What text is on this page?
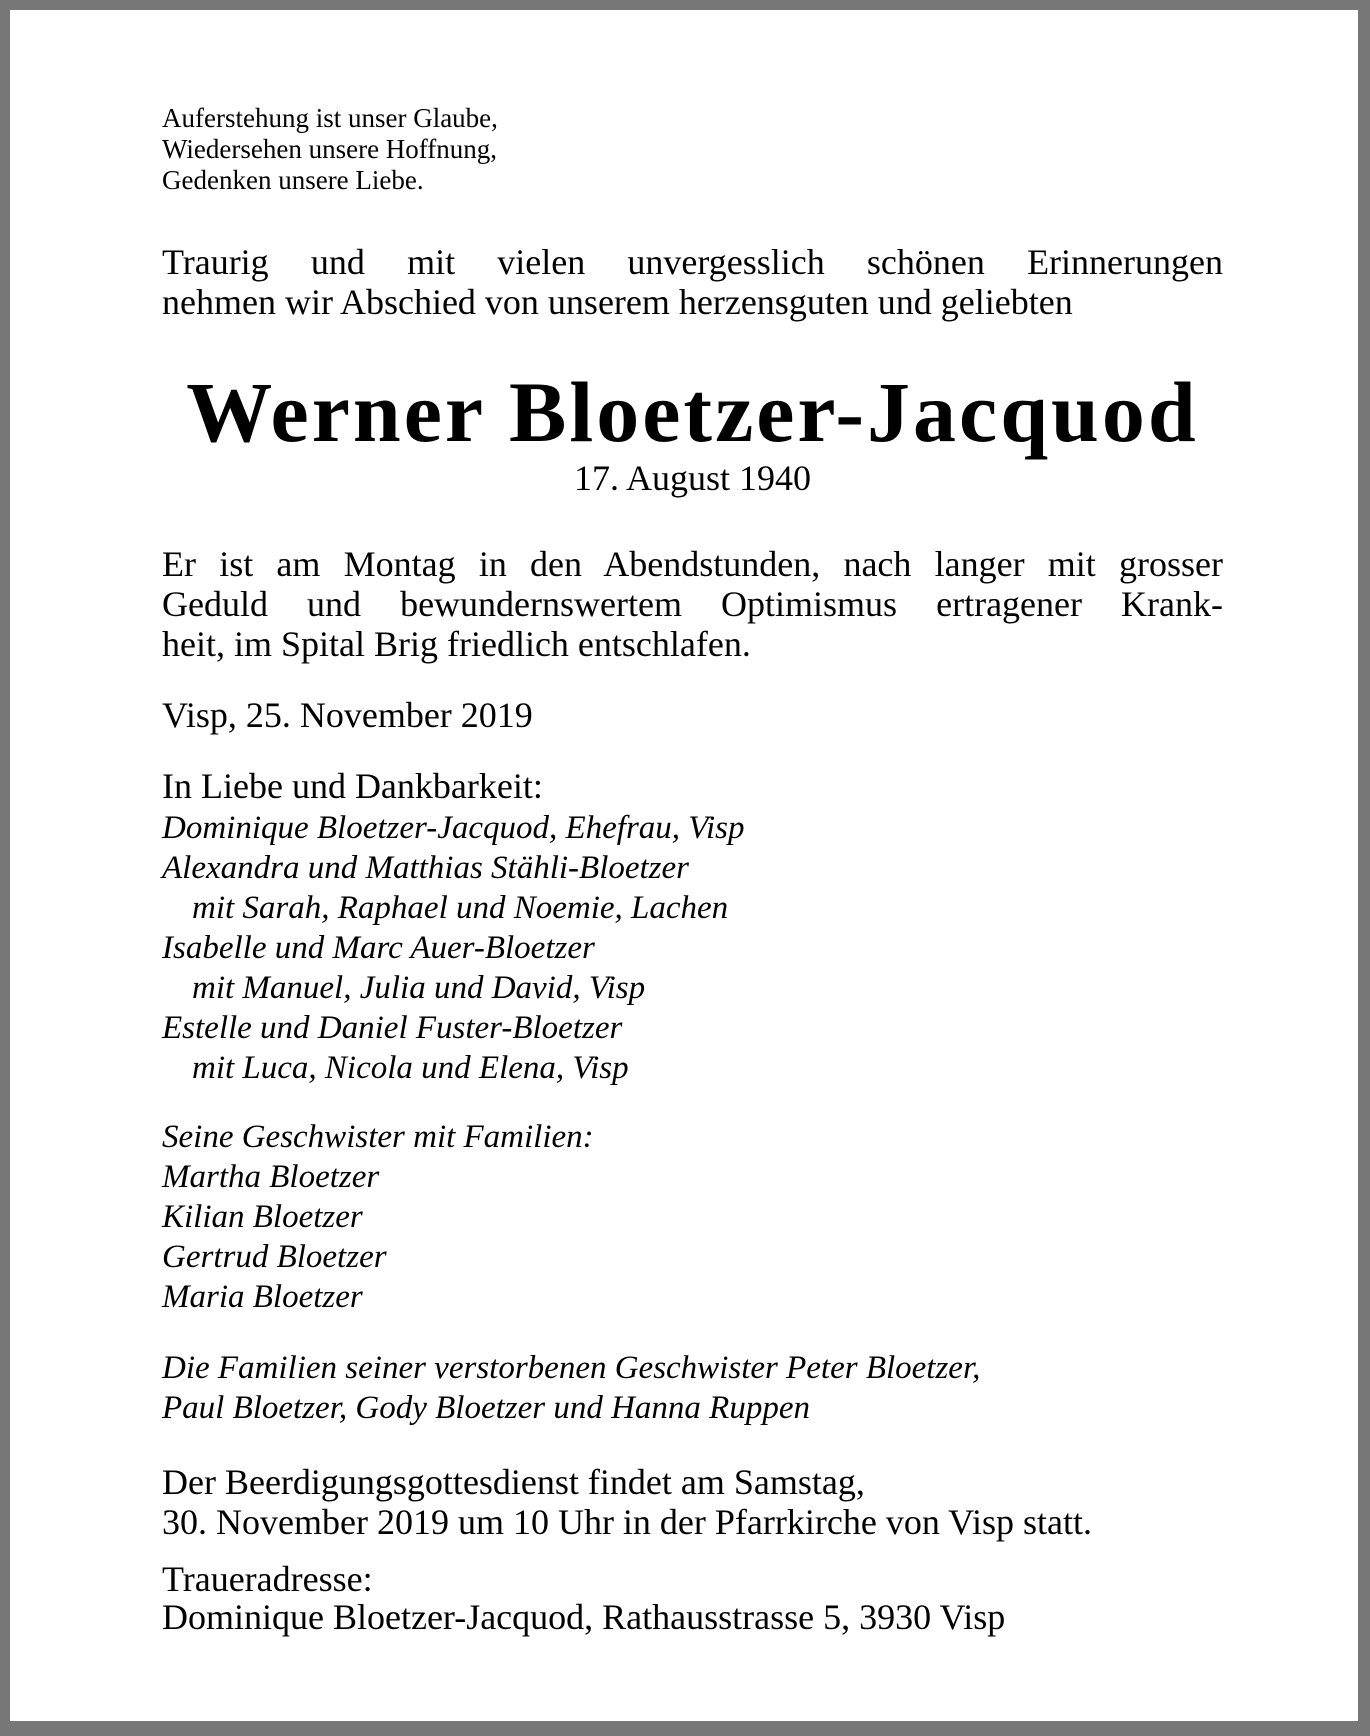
Auferstehung ist unser Glaube,
Wiedersehen unsere Hoffnung,
Gedenken unsere Liebe.
Traurig und mit vielen unvergesslich schönen Erinnerungen
nehmen wir Abschied von unserem herzensguten und geliebten
Werner Bloetzer-Jacquod
17. August 1940
Er ist am Montag in den Abendstunden, nach langer mit grosser
Geduld und bewundernswertem Optimismus ertragener Krank-
heit, im Spital Brig friedlich entschlafen.
Visp, 25. November 2019
In Liebe und Dankbarkeit:
Dominique Bloetzer-Jacquod, Ehefrau, Visp
Alexandra und Matthias Stähli-Bloetzer
mit Sarah, Raphael und Noemie, Lachen
Isabelle und Marc Auer-Bloetzer
mit Manuel, Julia und David, Visp
Estelle und Daniel Fuster-Bloetzer
mit Luca, Nicola und Elena, Visp
Seine Geschwister mit Familien:
Martha Bloetzer
Kilian Bloetzer
Gertrud Bloetzer
Maria Bloetzer
Die Familien seiner verstorbenen Geschwister Peter Bloetzer,
Paul Bloetzer, Gody Bloetzer und Hanna Ruppen
Der Beerdigungsgottesdienst findet am Samstag,
30. November 2019 um 10 Uhr in der Pfarrkirche von Visp statt.
Traueradresse:
Dominique Bloetzer-Jacquod, Rathausstrasse 5, 3930 Visp
